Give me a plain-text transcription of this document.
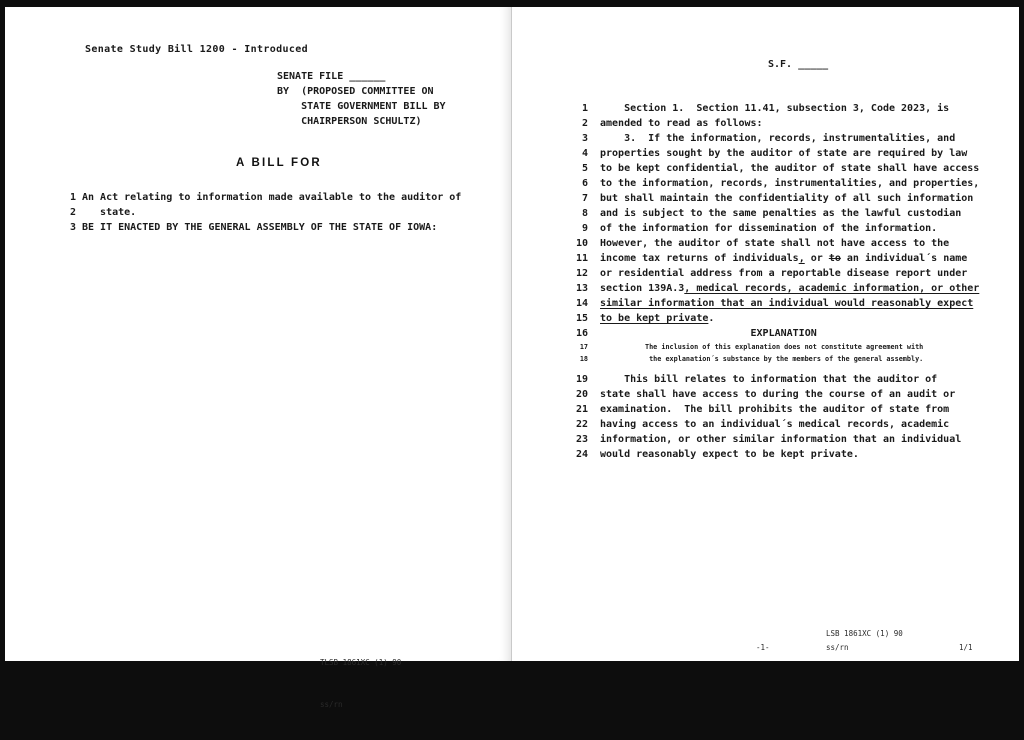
Senate Study Bill 1200 - Introduced
SENATE FILE ______
BY  (PROPOSED COMMITTEE ON
STATE GOVERNMENT BILL BY
CHAIRPERSON SCHULTZ)
A BILL FOR
1 An Act relating to information made available to the auditor of
2 state.
3 BE IT ENACTED BY THE GENERAL ASSEMBLY OF THE STATE OF IOWA:

TLSB 1861XC (1) 90

ss/rn

S.F. _____
1 Section 1.  Section 11.41, subsection 3, Code 2023, is
2 amended to read as follows:
3 3.  If the information, records, instrumentalities, and
4 properties sought by the auditor of state are required by law
5 to be kept confidential, the auditor of state shall have access
6 to the information, records, instrumentalities, and properties,
7 but shall maintain the confidentiality of all such information
8 and is subject to the same penalties as the lawful custodian
9 of the information for dissemination of the information.
10 However, the auditor of state shall not have access to the
11 income tax returns of individuals, or to an individual´s name
12 or residential address from a reportable disease report under
13 section 139A.3, medical records, academic information, or other
14 similar information that an individual would reasonably expect
15 to be kept private.
16 EXPLANATION
17	The inclusion of this explanation does not constitute agreement with
18	the explanation´s substance by the members of the general assembly.
19 This bill relates to information that the auditor of
20 state shall have access to during the course of an audit or
21 examination.  The bill prohibits the auditor of state from
22 having access to an individual´s medical records, academic
23 information, or other similar information that an individual
24 would reasonably expect to be kept private.
-1-
LSB 1861XC (1) 90
ss/rn	1/1
